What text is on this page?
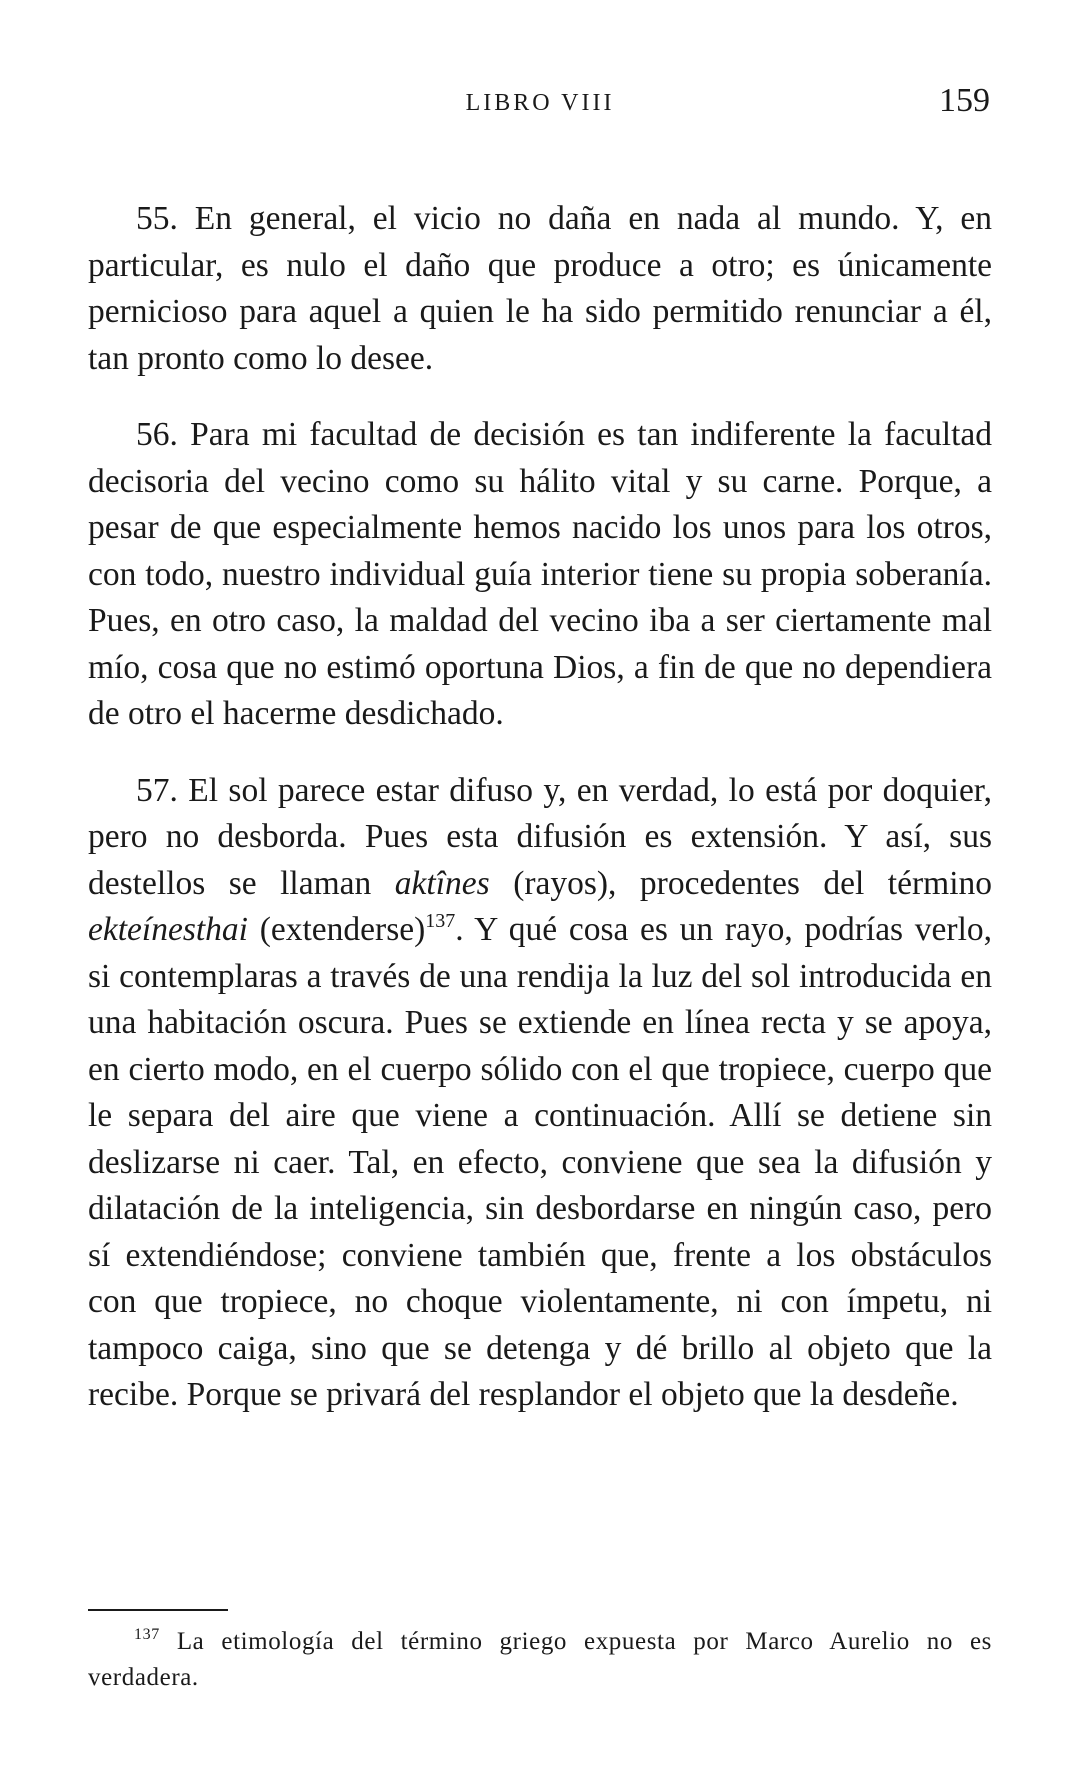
LIBRO VIII	159

55. En general, el vicio no daña en nada al mundo. Y, en particular, es nulo el daño que produce a otro; es únicamente pernicioso para aquel a quien le ha sido permitido renunciar a él, tan pronto como lo desee.

56. Para mi facultad de decisión es tan indiferente la facultad decisoria del vecino como su hálito vital y su carne. Porque, a pesar de que especialmente hemos nacido los unos para los otros, con todo, nuestro individual guía interior tiene su propia soberanía. Pues, en otro caso, la maldad del vecino iba a ser ciertamente mal mío, cosa que no estimó oportuna Dios, a fin de que no dependiera de otro el hacerme desdichado.

57. El sol parece estar difuso y, en verdad, lo está por doquier, pero no desborda. Pues esta difusión es extensión. Y así, sus destellos se llaman aktînes (rayos), procedentes del término ekteínesthai (extenderse)$^{137}$. Y qué cosa es un rayo, podrías verlo, si contemplaras a través de una rendija la luz del sol introducida en una habitación oscura. Pues se extiende en línea recta y se apoya, en cierto modo, en el cuerpo sólido con el que tropiece, cuerpo que le separa del aire que viene a continuación. Allí se detiene sin deslizarse ni caer. Tal, en efecto, conviene que sea la difusión y dilatación de la inteligencia, sin desbordarse en ningún caso, pero sí extendiéndose; conviene también que, frente a los obstáculos con que tropiece, no choque violentamente, ni con ímpetu, ni tampoco caiga, sino que se detenga y dé brillo al objeto que la recibe. Porque se privará del resplandor el objeto que la desdeñe.

$^{137}$ La etimología del término griego expuesta por Marco Aurelio no es verdadera.
